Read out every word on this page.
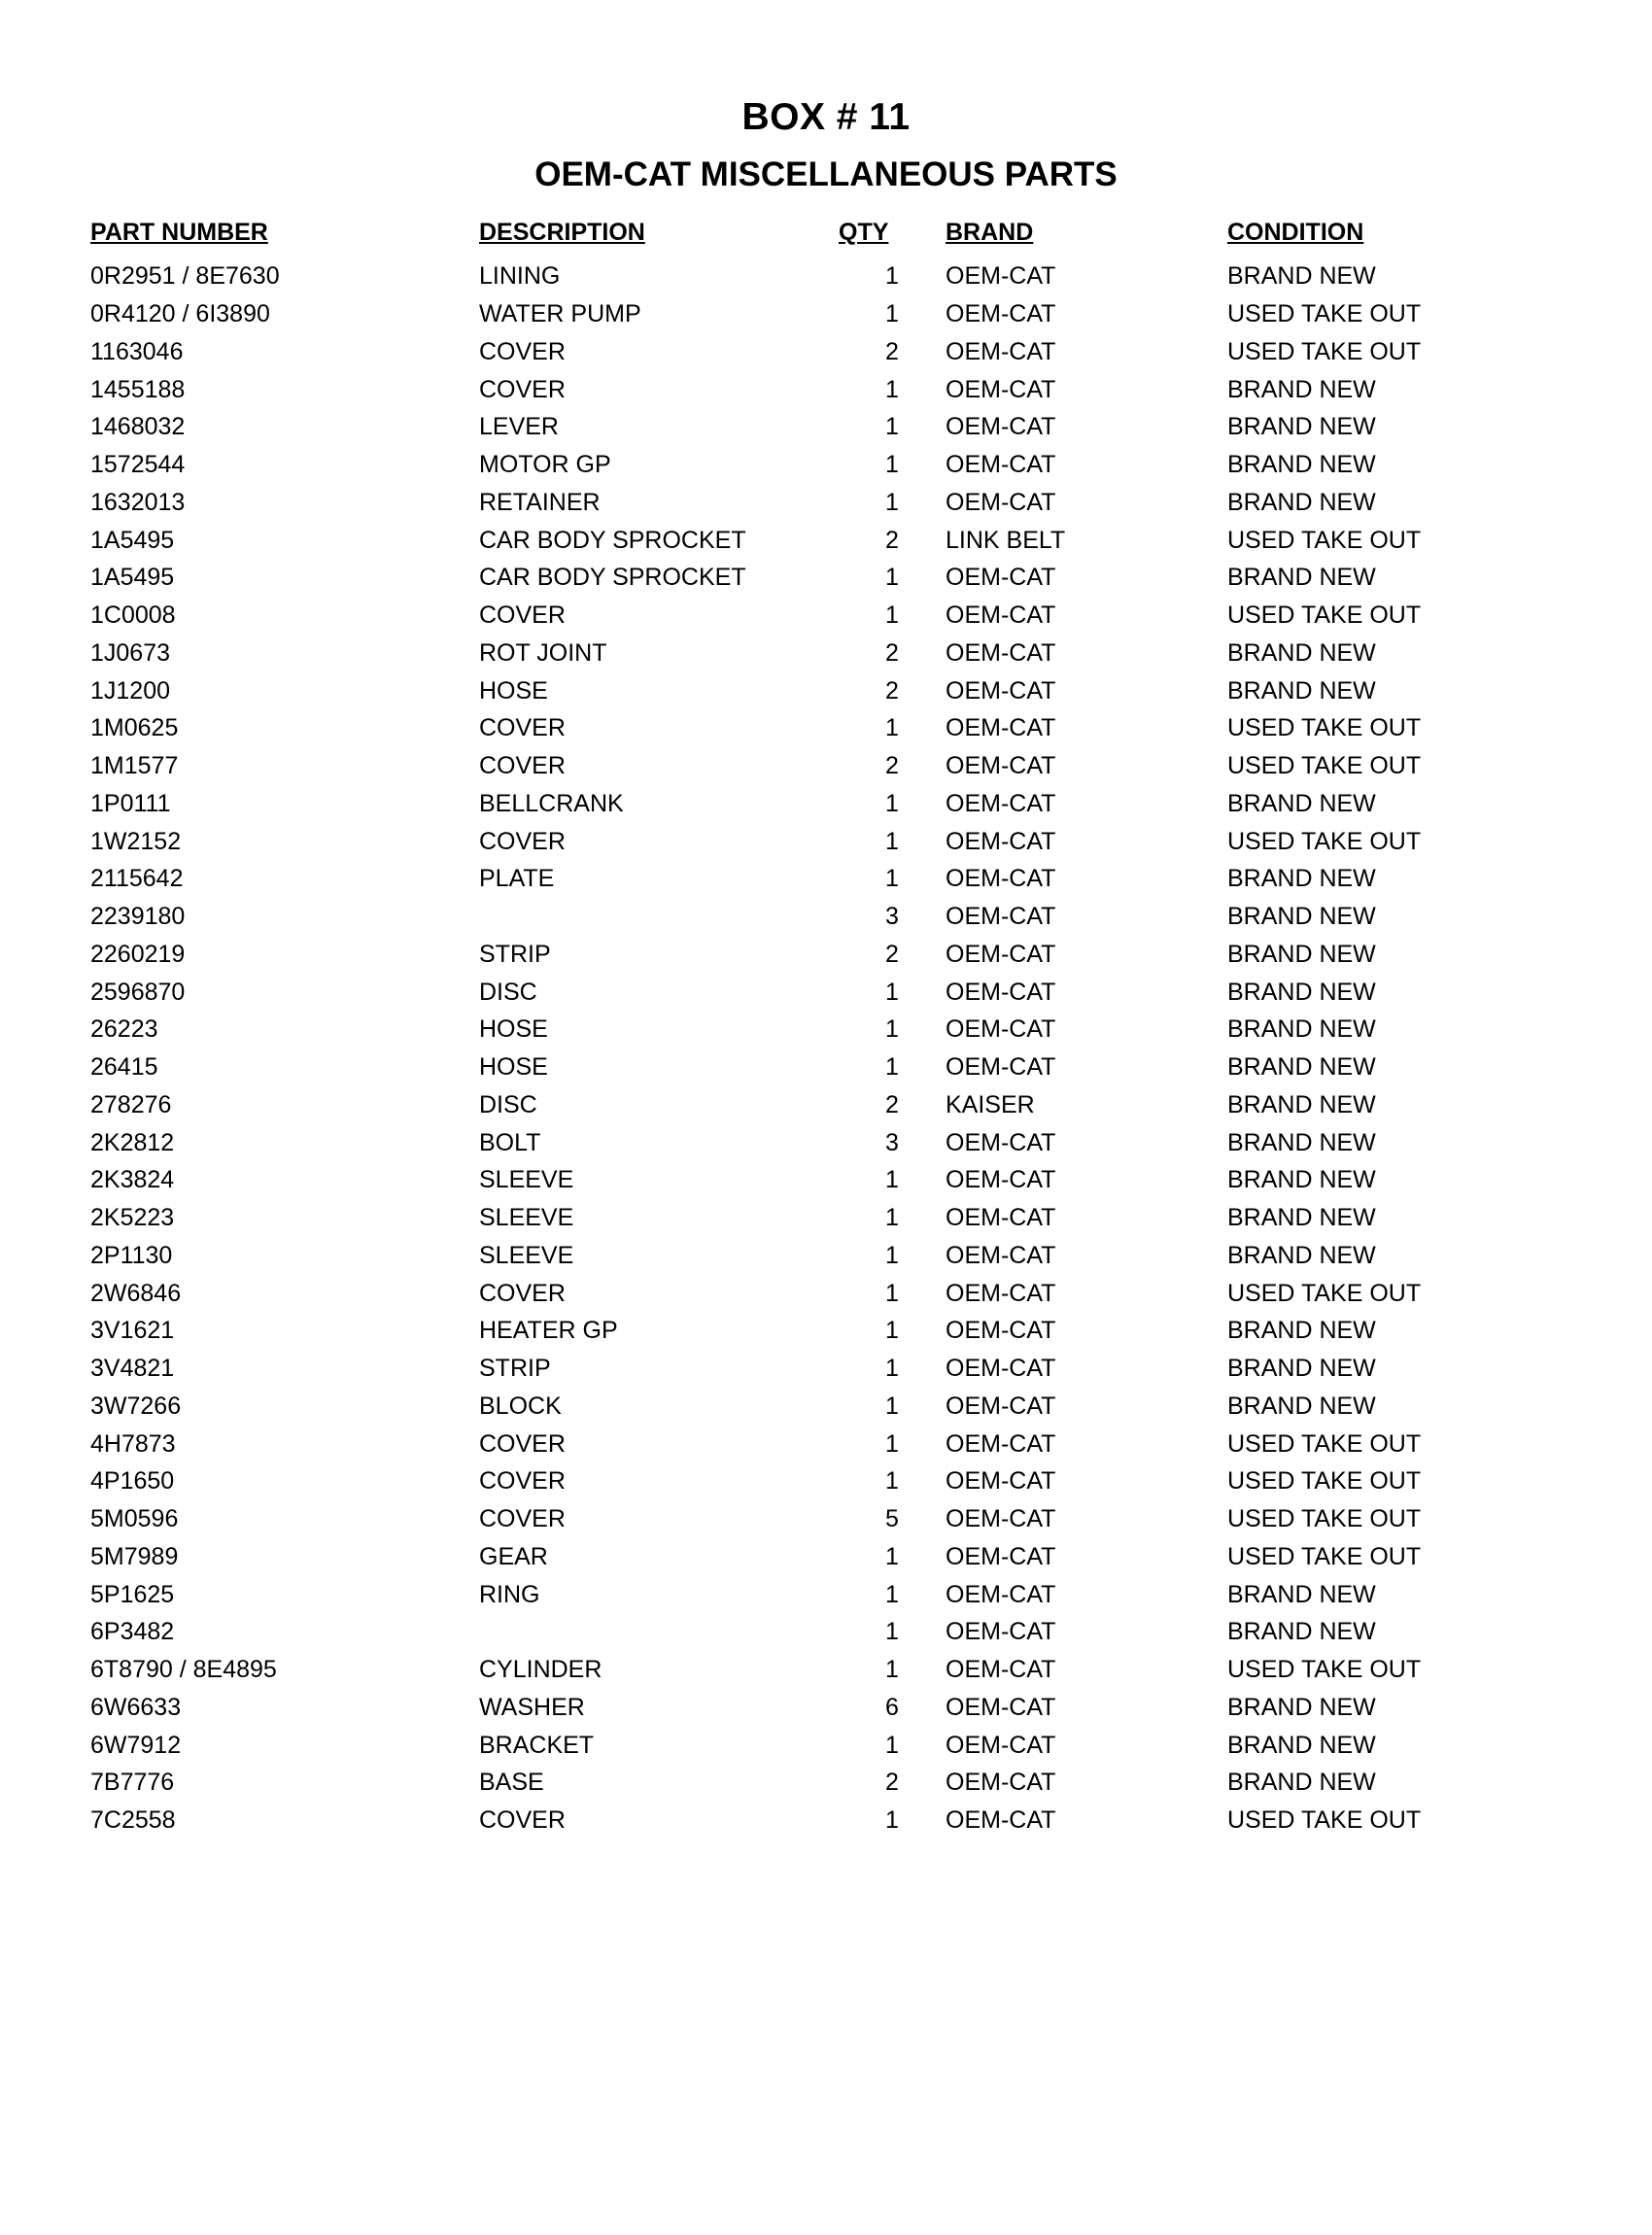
BOX # 11
OEM-CAT MISCELLANEOUS PARTS
PART NUMBER	DESCRIPTION	QTY	BRAND	CONDITION
0R2951 / 8E7630	LINING	1	OEM-CAT	BRAND NEW
0R4120 / 6I3890	WATER PUMP	1	OEM-CAT	USED TAKE OUT
1163046	COVER	2	OEM-CAT	USED TAKE OUT
1455188	COVER	1	OEM-CAT	BRAND NEW
1468032	LEVER	1	OEM-CAT	BRAND NEW
1572544	MOTOR GP	1	OEM-CAT	BRAND NEW
1632013	RETAINER	1	OEM-CAT	BRAND NEW
1A5495	CAR BODY SPROCKET	2	LINK BELT	USED TAKE OUT
1A5495	CAR BODY SPROCKET	1	OEM-CAT	BRAND NEW
1C0008	COVER	1	OEM-CAT	USED TAKE OUT
1J0673	ROT JOINT	2	OEM-CAT	BRAND NEW
1J1200	HOSE	2	OEM-CAT	BRAND NEW
1M0625	COVER	1	OEM-CAT	USED TAKE OUT
1M1577	COVER	2	OEM-CAT	USED TAKE OUT
1P0111	BELLCRANK	1	OEM-CAT	BRAND NEW
1W2152	COVER	1	OEM-CAT	USED TAKE OUT
2115642	PLATE	1	OEM-CAT	BRAND NEW
2239180		3	OEM-CAT	BRAND NEW
2260219	STRIP	2	OEM-CAT	BRAND NEW
2596870	DISC	1	OEM-CAT	BRAND NEW
26223	HOSE	1	OEM-CAT	BRAND NEW
26415	HOSE	1	OEM-CAT	BRAND NEW
278276	DISC	2	KAISER	BRAND NEW
2K2812	BOLT	3	OEM-CAT	BRAND NEW
2K3824	SLEEVE	1	OEM-CAT	BRAND NEW
2K5223	SLEEVE	1	OEM-CAT	BRAND NEW
2P1130	SLEEVE	1	OEM-CAT	BRAND NEW
2W6846	COVER	1	OEM-CAT	USED TAKE OUT
3V1621	HEATER GP	1	OEM-CAT	BRAND NEW
3V4821	STRIP	1	OEM-CAT	BRAND NEW
3W7266	BLOCK	1	OEM-CAT	BRAND NEW
4H7873	COVER	1	OEM-CAT	USED TAKE OUT
4P1650	COVER	1	OEM-CAT	USED TAKE OUT
5M0596	COVER	5	OEM-CAT	USED TAKE OUT
5M7989	GEAR	1	OEM-CAT	USED TAKE OUT
5P1625	RING	1	OEM-CAT	BRAND NEW
6P3482		1	OEM-CAT	BRAND NEW
6T8790 / 8E4895	CYLINDER	1	OEM-CAT	USED TAKE OUT
6W6633	WASHER	6	OEM-CAT	BRAND NEW
6W7912	BRACKET	1	OEM-CAT	BRAND NEW
7B7776	BASE	2	OEM-CAT	BRAND NEW
7C2558	COVER	1	OEM-CAT	USED TAKE OUT
